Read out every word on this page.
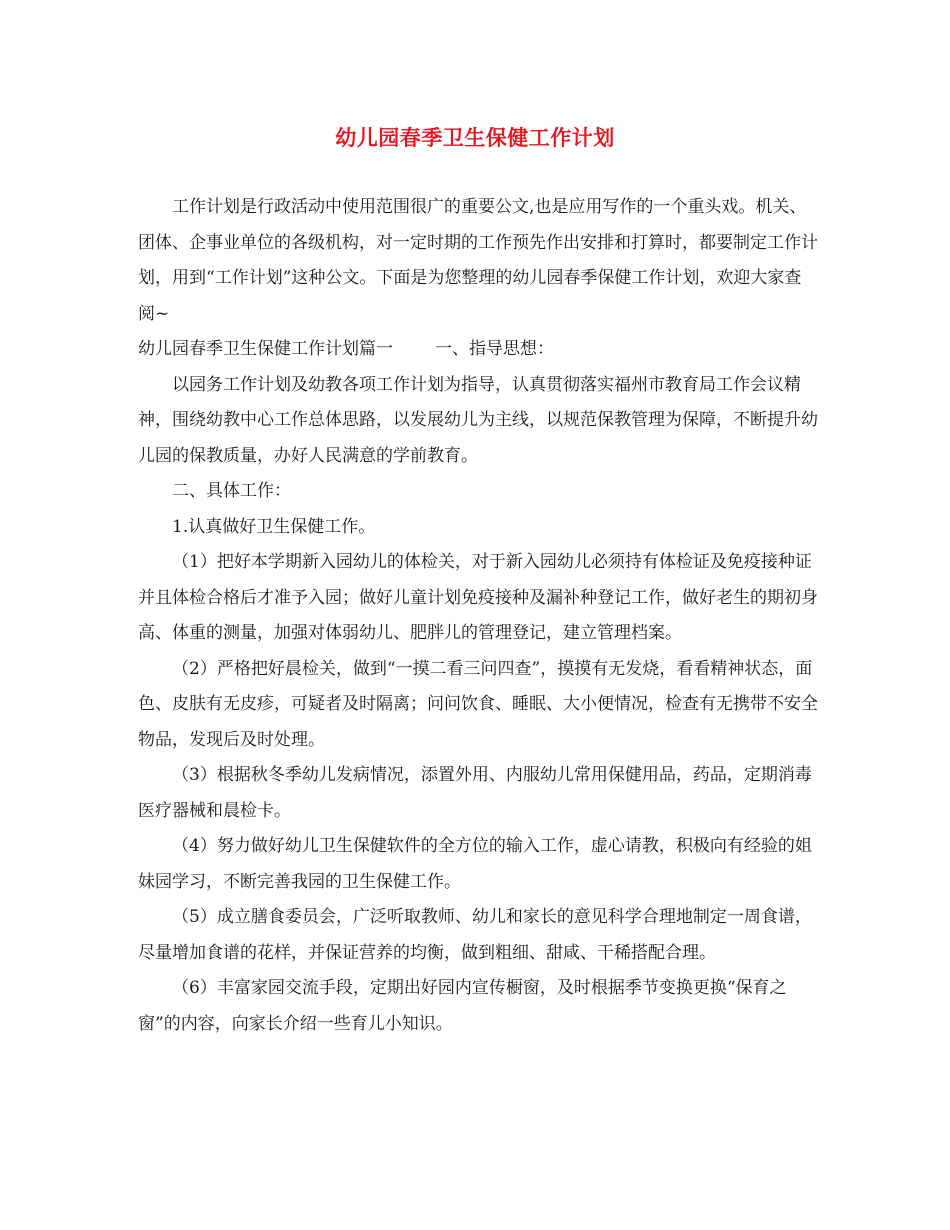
幼儿园春季卫生保健工作计划

工作计划是行政活动中使用范围很广的重要公文,也是应用写作的一个重头戏。机关、团体、企事业单位的各级机构，对一定时期的工作预先作出安排和打算时，都要制定工作计划，用到“工作计划”这种公文。下面是为您整理的幼儿园春季保健工作计划，欢迎大家查阅~

幼儿园春季卫生保健工作计划篇一 一、指导思想：

以园务工作计划及幼教各项工作计划为指导，认真贯彻落实福州市教育局工作会议精神，围绕幼教中心工作总体思路，以发展幼儿为主线，以规范保教管理为保障，不断提升幼儿园的保教质量，办好人民满意的学前教育。

二、具体工作：

1.认真做好卫生保健工作。

（1）把好本学期新入园幼儿的体检关，对于新入园幼儿必须持有体检证及免疫接种证并且体检合格后才准予入园；做好儿童计划免疫接种及漏补种登记工作，做好老生的期初身高、体重的测量，加强对体弱幼儿、肥胖儿的管理登记，建立管理档案。

（2）严格把好晨检关，做到“一摸二看三问四查”，摸摸有无发烧，看看精神状态，面色、皮肤有无皮疹，可疑者及时隔离；问问饮食、睡眠、大小便情况，检查有无携带不安全物品，发现后及时处理。

（3）根据秋冬季幼儿发病情况，添置外用、内服幼儿常用保健用品，药品，定期消毒医疗器械和晨检卡。

（4）努力做好幼儿卫生保健软件的全方位的输入工作，虚心请教，积极向有经验的姐妹园学习，不断完善我园的卫生保健工作。

（5）成立膳食委员会，广泛听取教师、幼儿和家长的意见科学合理地制定一周食谱，尽量增加食谱的花样，并保证营养的均衡，做到粗细、甜咸、干稀搭配合理。

（6）丰富家园交流手段，定期出好园内宣传橱窗，及时根据季节变换更换“保育之窗”的内容，向家长介绍一些育儿小知识。
